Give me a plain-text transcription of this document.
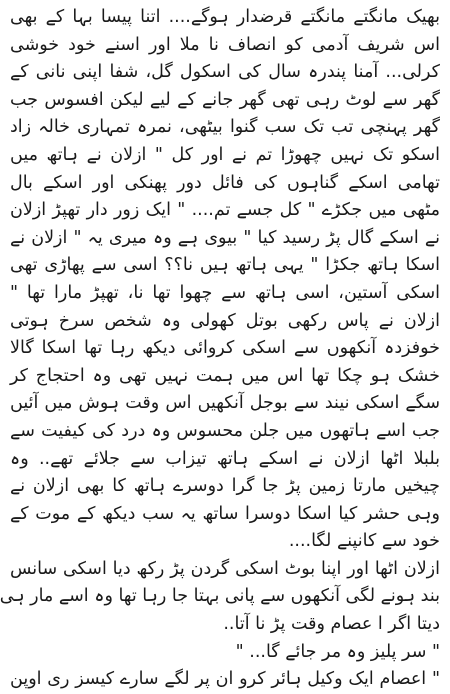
بھیک مانگتے مانگتے قرضدار ہوگے.... اتنا پیسا بہا کے بھی
اس شریف آدمی کو انصاف نا ملا اور اسنے خود خوشی
کرلی... آمنا پندرہ سال کی اسکول گل، شفا اپنی نانی کے
گھر سے لوٹ رہی تھی گھر جانے کے لیے لیکن افسوس جب
گھر پہنچی تب تک سب گنوا بیٹھی، نمرہ تمہاری خالہ زاد
اسکو تک نہیں چھوڑا تم نے اور کل " ازلان نے ہاتھ میں
تھامی اسکے گناہوں کی فائل دور پھنکی اور اسکے بال
مٹھی میں جکڑے " کل جسے تم.... " ایک زور دار تھپڑ ازلان
نے اسکے گال پڑ رسید کیا " بیوی ہے وہ میری یہ " ازلان نے
اسکا ہاتھ جکڑا " یہی ہاتھ ہیں نا؟؟ اسی سے پھاڑی تھی
اسکی آستین، اسی ہاتھ سے چھوا تھا نا، تھپڑ مارا تھا "
ازلان نے پاس رکھی بوتل کھولی وہ شخص سرخ ہوتی
خوفزدہ آنکھوں سے اسکی کروائی دیکھ رہا تھا اسکا گالا
خشک ہو چکا تھا اس میں ہمت نہیں تھی وہ احتجاج کر
سگے اسکی نیند سے بوجل آنکھیں اس وقت ہوش میں آئیں
جب اسے ہاتھوں میں جلن محسوس وہ درد کی کیفیت سے
بلبلا اٹھا ازلان نے اسکے ہاتھ تیزاب سے جلائے تھے.. وہ
چیخیں مارتا زمین پڑ جا گرا دوسرے ہاتھ کا بھی ازلان نے
وہی حشر کیا اسکا دوسرا ساتھ یہ سب دیکھ کے موت کے
خود سے کانپنے لگا....
ازلان اٹھا اور اپنا بوٹ اسکی گردن پڑ رکھ دیا اسکی سانس
بند ہونے لگی آنکھوں سے پانی بہتا جا رہا تھا وہ اسے مار ہی
دیتا اگر ا عصام وقت پڑ نا آتا..
" سر پلیز وہ مر جائے گا... "
" اعصام ایک وکیل ہائر کرو ان پر لگے سارے کیسز ری اوپن
